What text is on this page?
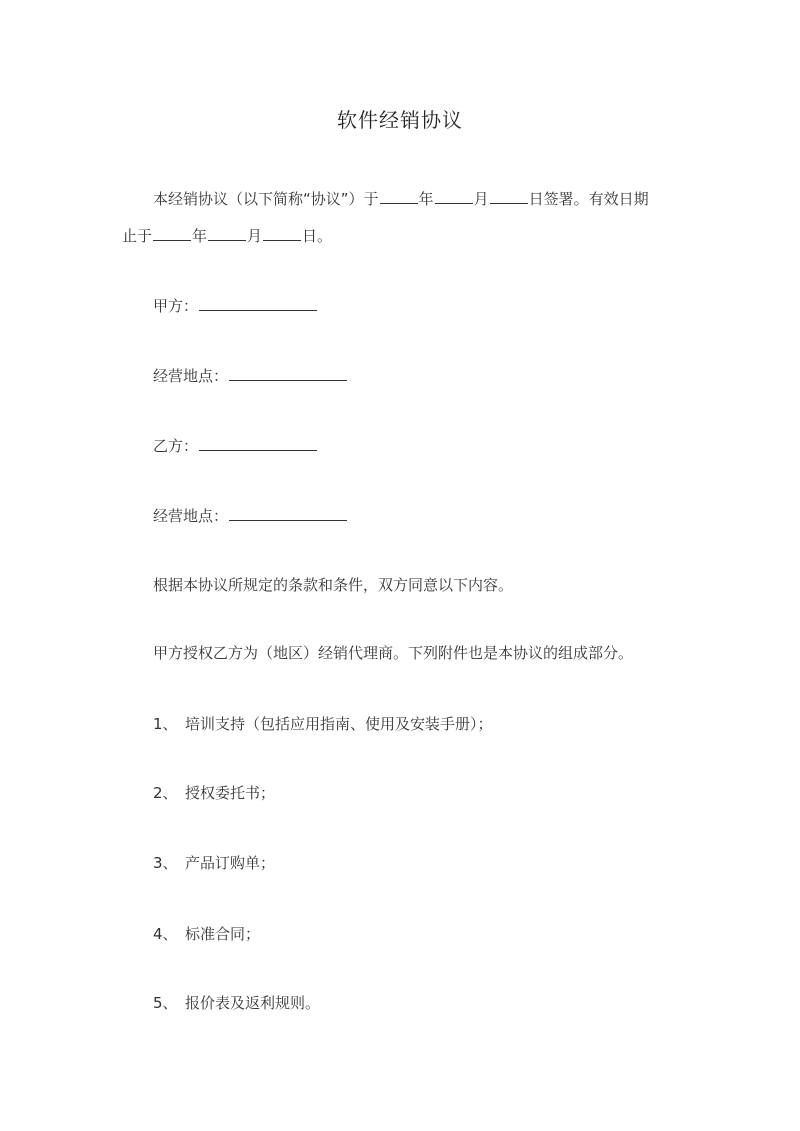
软件经销协议
本经销协议（以下简称“协议”）于	年	月	日签署。有效日期
止于	年	月	日。
甲方：
经营地点：
乙方：
经营地点：
根据本协议所规定的条款和条件，双方同意以下内容。
甲方授权乙方为（地区）经销代理商。下列附件也是本协议的组成部分。
1、 培训支持（包括应用指南、使用及安装手册）；
2、 授权委托书；
3、 产品订购单；
4、 标准合同；
5、 报价表及返利规则。
